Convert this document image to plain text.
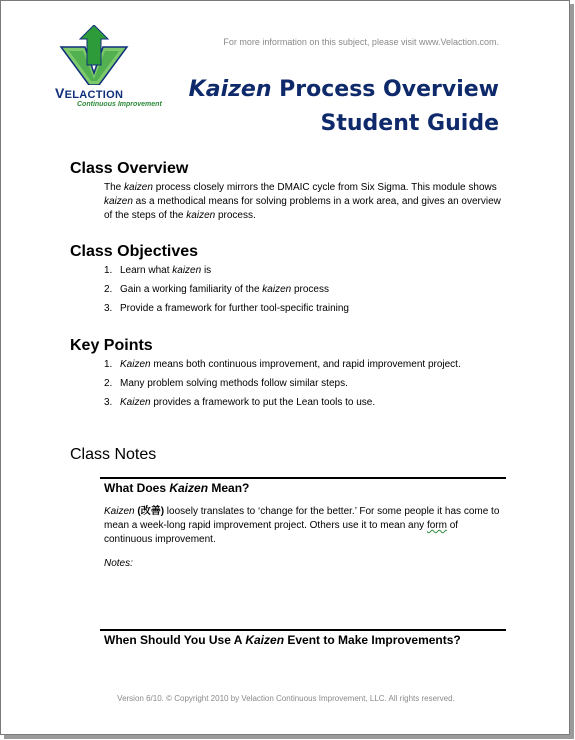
VELACTION
Continuous Improvement
For more information on this subject, please visit www.Velaction.com.
Kaizen Process Overview
Student Guide
Class Overview

The kaizen process closely mirrors the DMAIC cycle from Six Sigma. This module shows kaizen as a methodical means for solving problems in a work area, and gives an overview of the steps of the kaizen process.

Class Objectives
1. Learn what kaizen is
2. Gain a working familiarity of the kaizen process
3. Provide a framework for further tool-specific training
Key Points
1. Kaizen means both continuous improvement, and rapid improvement project.
2. Many problem solving methods follow similar steps.
3. Kaizen provides a framework to put the Lean tools to use.
Class Notes
What Does Kaizen Mean?

Kaizen (改善) loosely translates to ‘change for the better.’ For some people it has come to mean a week-long rapid improvement project. Others use it to mean any form of continuous improvement.

Notes:
When Should You Use A Kaizen Event to Make Improvements?
Version 6/10. © Copyright 2010 by Velaction Continuous Improvement, LLC. All rights reserved.
